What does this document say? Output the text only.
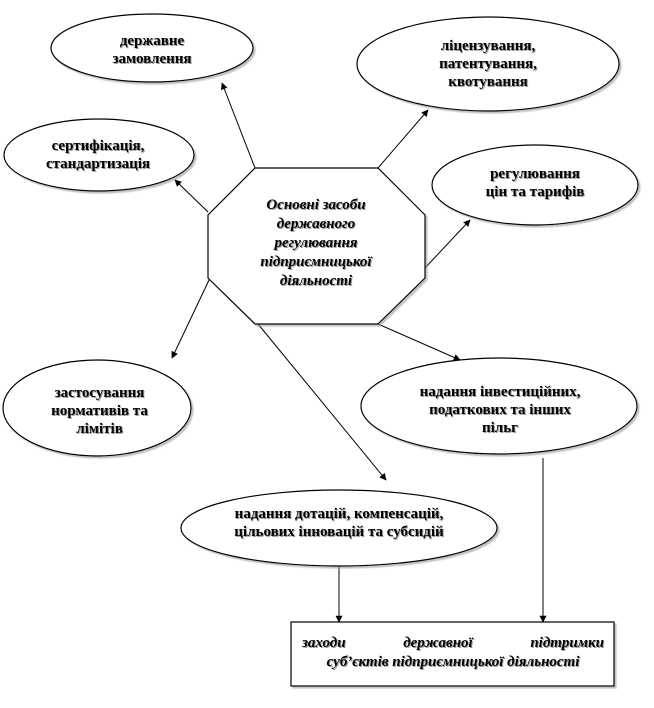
Основні засоби
державного
регулювання
підприємницької
діяльності
державне
замовлення
ліцензування,
патентування,
квотування
сертифікація,
стандартизація
регулювання
цін та тарифів
застосування
нормативів та
лімітів
надання інвестиційних,
податкових та інших
пільг
надання дотацій, компенсацій,
цільових інновацій та субсидій
заходи	державної	підтримки
суб’єктів підприємницької діяльності
